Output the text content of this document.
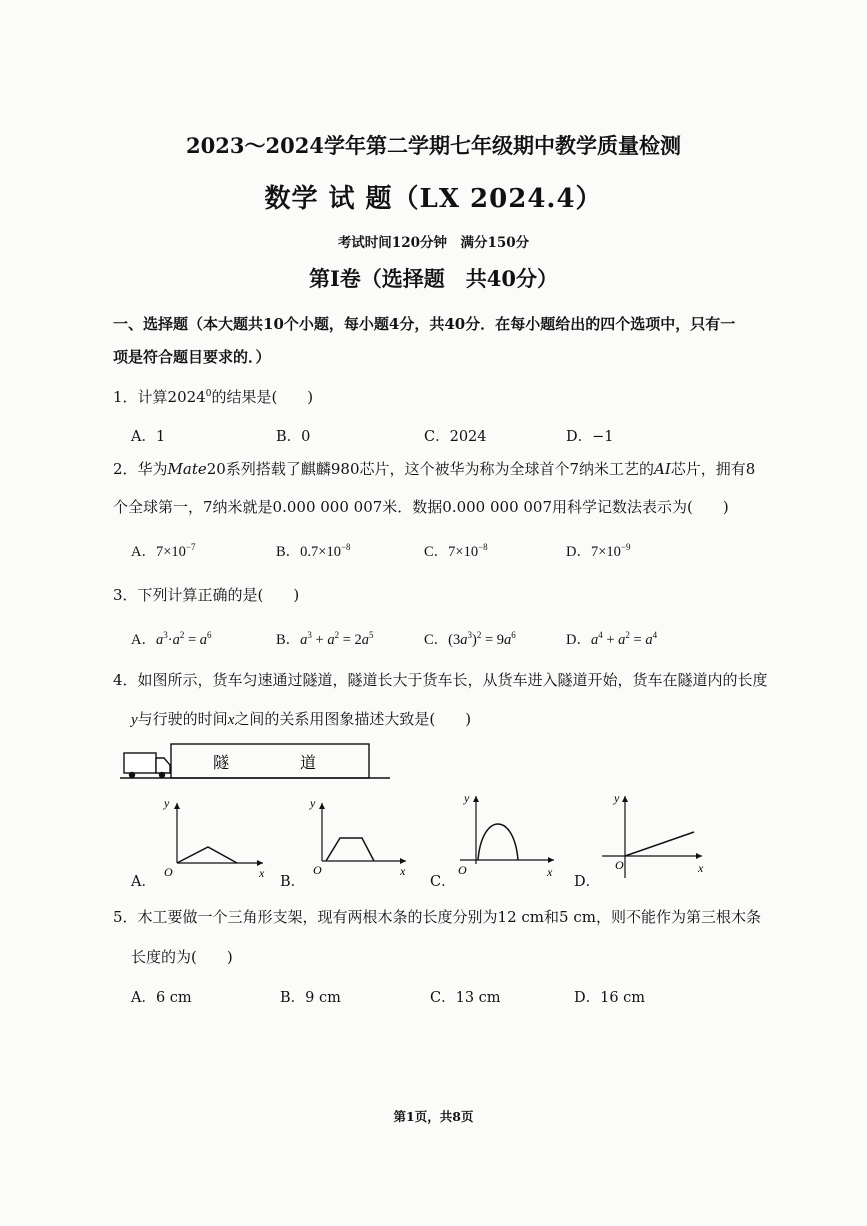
2023～2024学年第二学期七年级期中教学质量检测
数学 试 题（LX 2024.4）
考试时间120分钟　满分150分
第Ⅰ卷（选择题　共40分）
一、选择题（本大题共10个小题，每小题4分，共40分．在每小题给出的四个选项中，只有一
项是符合题目要求的．）
1．计算2024$^0$的结果是(　　)
A．1	B．0	C．2024	D．−1
2．华为Mate20系列搭载了麒麟980芯片，这个被华为称为全球首个7纳米工艺的AI芯片，拥有8
个全球第一，7纳米就是0.000 000 007米．数据0.000 000 007用科学记数法表示为(　　)
A．$7\times 10^{-7}$	B．$0.7\times 10^{-8}$	C．$7\times 10^{-8}$	D．$7\times 10^{-9}$
3．下列计算正确的是(　　)
A．$a^3\cdot a^2 = a^6$	B．$a^3 + a^2 = 2a^5$	C．$(3a^3)^2 = 9a^6$	D．$a^4 + a^2 = a^4$
4．如图所示，货车匀速通过隧道，隧道长大于货车长，从货车进入隧道开始，货车在隧道内的长度
y与行驶的时间x之间的关系用图象描述大致是(　　)
隧	道
y
x
O
A．
y
x
O
B．
y
x
O
C．
y
x
O
D．
5．木工要做一个三角形支架，现有两根木条的长度分别为12 cm和5 cm，则不能作为第三根木条
长度的为(　　)
A．6 cm	B．9 cm	C．13 cm	D．16 cm
第1页，共8页
